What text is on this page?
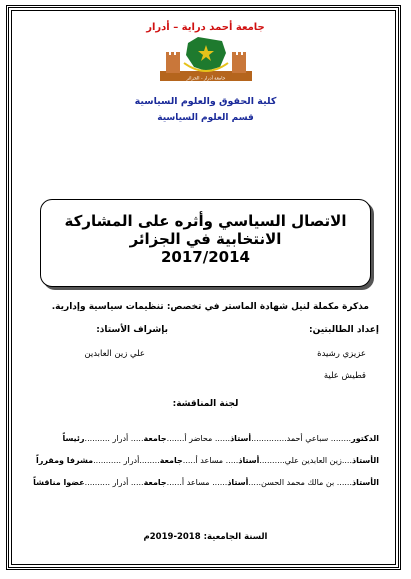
جامعة أحمد دراية – أدرار
جامعة أدرار - الجزائر
كلية الحقوق والعلوم السياسية
قسم العلوم السياسية
الاتصال السياسي وأثره على المشاركة الانتخابية في الجزائر
2017/2014
مذكرة مكملة لنيل شهادة الماستر في تخصص: تنظيمات سياسية وإدارية.
إعداد الطالبتين:
بإشراف الأستاذ:
عزيزي رشيدة
قطيش علية
علي زين العابدين
لجنة المناقشة:
الدكتور........ سباعي أحمد..............أستاذ...... محاضر أ.......جامعة..... أدرار ..........رئيساً
الأستاذ....زين العابدين علي..........أستاذ..... مساعد أ.....جامعة........أدرار ...........مشرفا ومقرراً
الأستاذ...... بن مالك محمد الحسن.....أستاذ...... مساعد أ......جامعة..... أدرار ..........عضوا مناقشاً
السنة الجامعية: 2018-2019م
